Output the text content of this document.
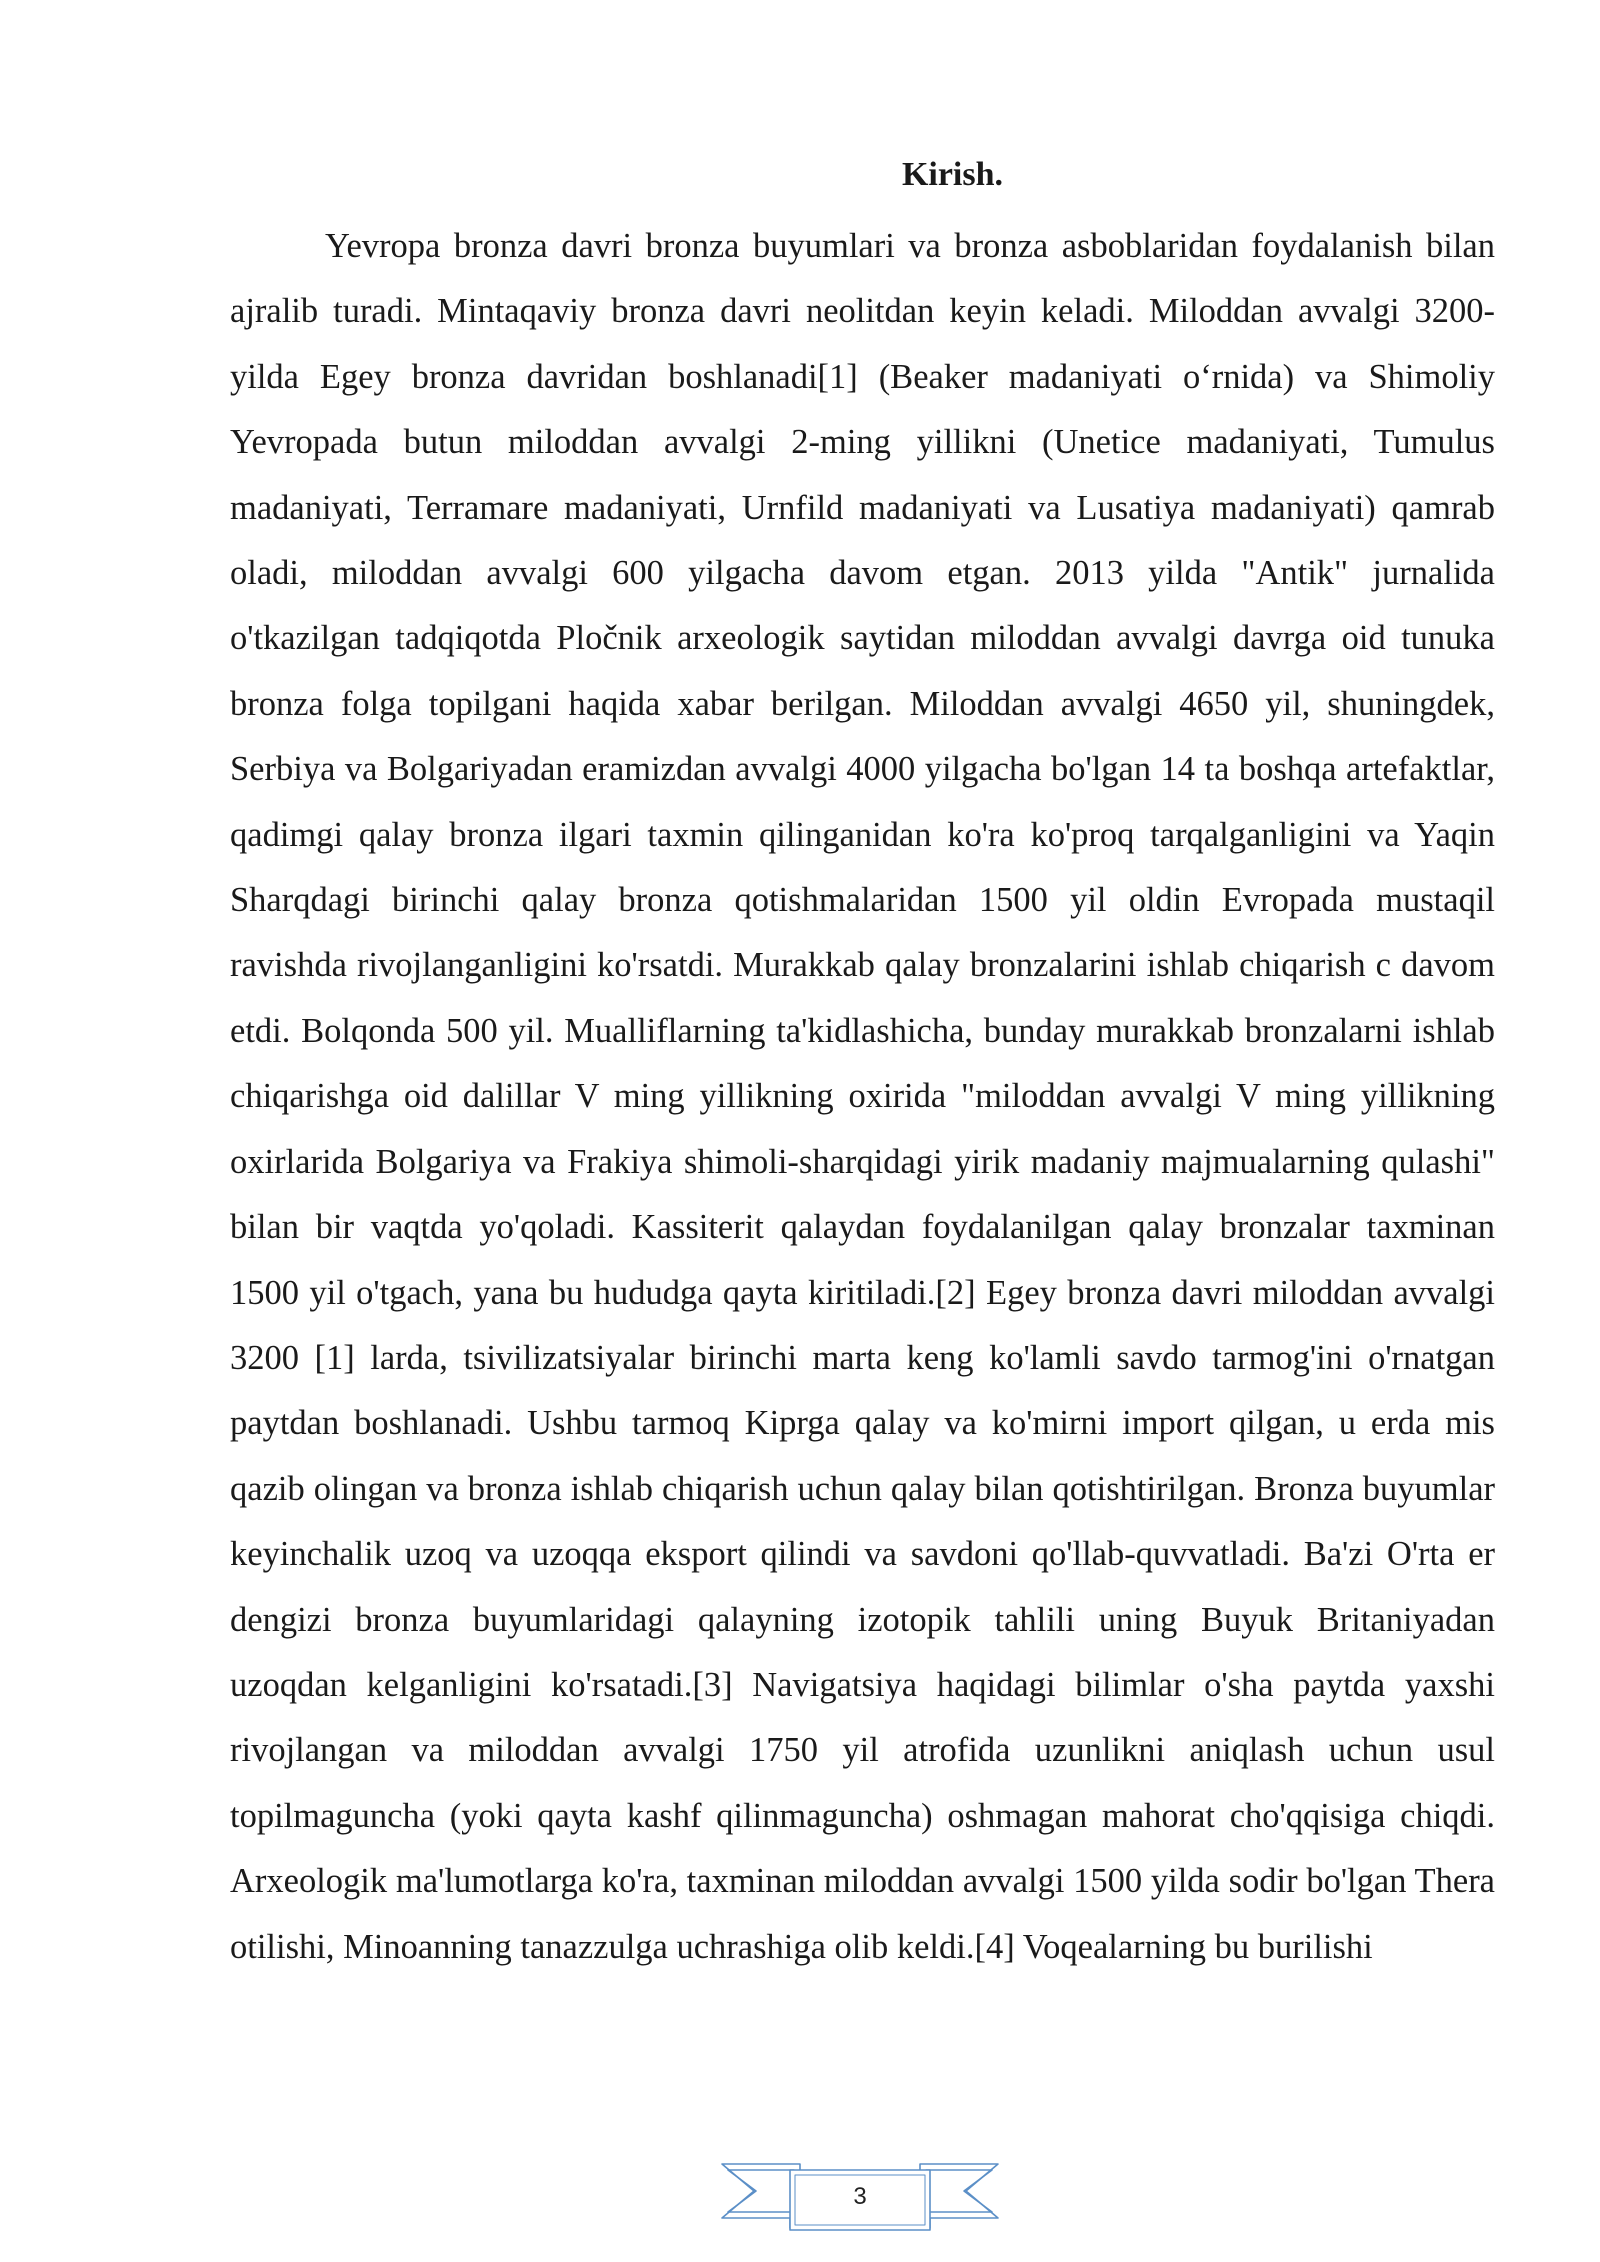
Kirish.

Yevropa bronza davri bronza buyumlari va bronza asboblaridan foydalanish bilan ajralib turadi. Mintaqaviy bronza davri neolitdan keyin keladi. Miloddan avvalgi 3200-yilda Egey bronza davridan boshlanadi[1] (Beaker madaniyati oʻrnida) va Shimoliy Yevropada butun miloddan avvalgi 2-ming yillikni (Unetice madaniyati, Tumulus madaniyati, Terramare madaniyati, Urnfild madaniyati va Lusatiya madaniyati) qamrab oladi, miloddan avvalgi 600 yilgacha davom etgan. 2013 yilda "Antik" jurnalida o'tkazilgan tadqiqotda Pločnik arxeologik saytidan miloddan avvalgi davrga oid tunuka bronza folga topilgani haqida xabar berilgan. Miloddan avvalgi 4650 yil, shuningdek, Serbiya va Bolgariyadan eramizdan avvalgi 4000 yilgacha bo'lgan 14 ta boshqa artefaktlar, qadimgi qalay bronza ilgari taxmin qilinganidan ko'ra ko'proq tarqalganligini va Yaqin Sharqdagi birinchi qalay bronza qotishmalaridan 1500 yil oldin Evropada mustaqil ravishda rivojlanganligini ko'rsatdi. Murakkab qalay bronzalarini ishlab chiqarish c davom etdi. Bolqonda 500 yil. Mualliflarning ta'kidlashicha, bunday murakkab bronzalarni ishlab chiqarishga oid dalillar V ming yillikning oxirida "miloddan avvalgi V ming yillikning oxirlarida Bolgariya va Frakiya shimoli-sharqidagi yirik madaniy majmualarning qulashi" bilan bir vaqtda yo'qoladi. Kassiterit qalaydan foydalanilgan qalay bronzalar taxminan 1500 yil o'tgach, yana bu hududga qayta kiritiladi.[2] Egey bronza davri miloddan avvalgi 3200 [1] larda, tsivilizatsiyalar birinchi marta keng ko'lamli savdo tarmog'ini o'rnatgan paytdan boshlanadi. Ushbu tarmoq Kiprga qalay va ko'mirni import qilgan, u erda mis qazib olingan va bronza ishlab chiqarish uchun qalay bilan qotishtirilgan. Bronza buyumlar keyinchalik uzoq va uzoqqa eksport qilindi va savdoni qo'llab-quvvatladi. Ba'zi O'rta er dengizi bronza buyumlaridagi qalayning izotopik tahlili uning Buyuk Britaniyadan uzoqdan kelganligini ko'rsatadi.[3] Navigatsiya haqidagi bilimlar o'sha paytda yaxshi rivojlangan va miloddan avvalgi 1750 yil atrofida uzunlikni aniqlash uchun usul topilmaguncha (yoki qayta kashf qilinmaguncha) oshmagan mahorat cho'qqisiga chiqdi. Arxeologik ma'lumotlarga ko'ra, taxminan miloddan avvalgi 1500 yilda sodir bo'lgan Thera otilishi, Minoanning tanazzulga uchrashiga olib keldi.[4] Voqealarning bu burilishi

3
